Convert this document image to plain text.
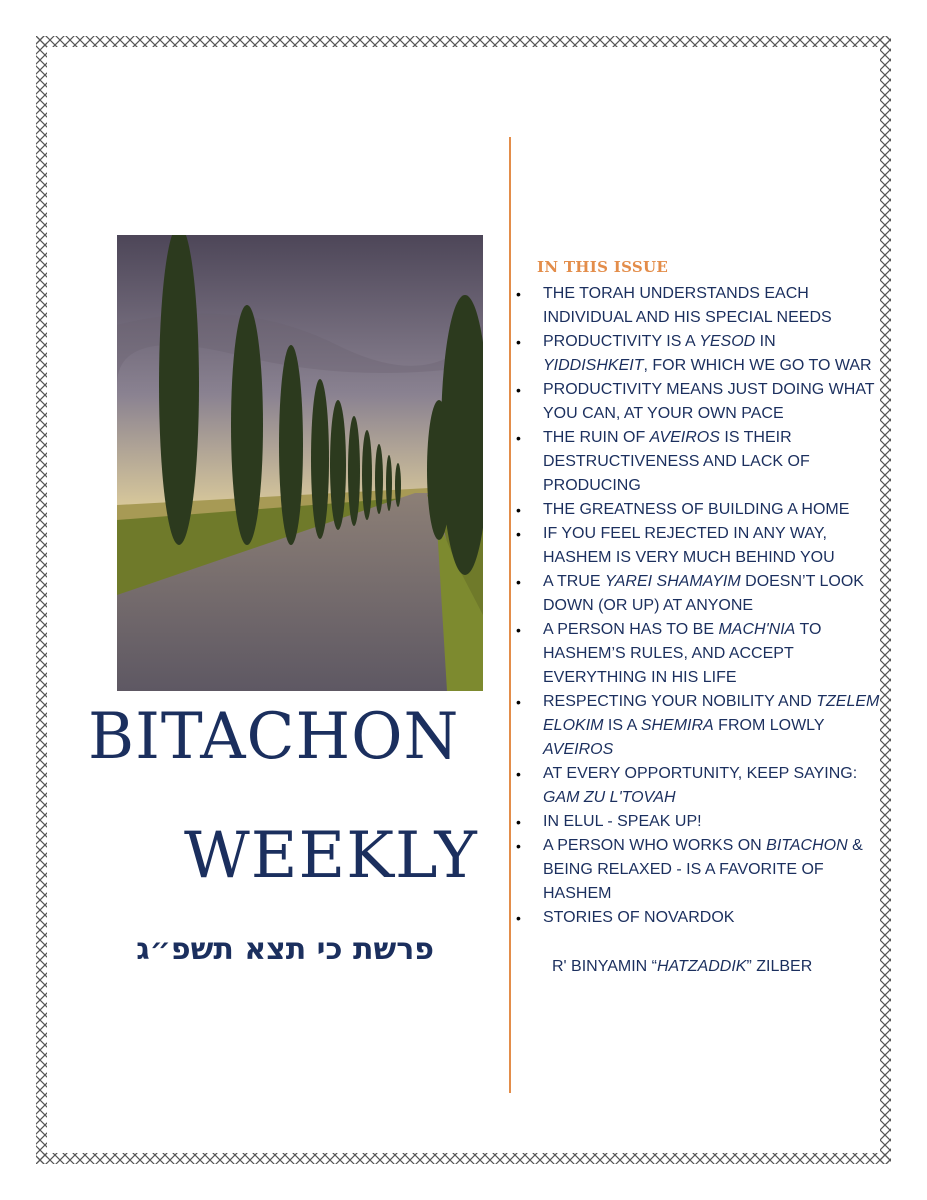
BITACHON
WEEKLY
פרשת כי תצא תשפ״ג
IN THIS ISSUE
• THE TORAH UNDERSTANDS EACH INDIVIDUAL AND HIS SPECIAL NEEDS
• PRODUCTIVITY IS A YESOD IN YIDDISHKEIT, FOR WHICH WE GO TO WAR
• PRODUCTIVITY MEANS JUST DOING WHAT YOU CAN, AT YOUR OWN PACE
• THE RUIN OF AVEIROS IS THEIR DESTRUCTIVENESS AND LACK OF PRODUCING
• THE GREATNESS OF BUILDING A HOME
• IF YOU FEEL REJECTED IN ANY WAY, HASHEM IS VERY MUCH BEHIND YOU
• A TRUE YAREI SHAMAYIM DOESN’T LOOK DOWN (OR UP) AT ANYONE
• A PERSON HAS TO BE MACH'NIA TO HASHEM’S RULES, AND ACCEPT EVERYTHING IN HIS LIFE
• RESPECTING YOUR NOBILITY AND TZELEM ELOKIM IS A SHEMIRA FROM LOWLY AVEIROS
• AT EVERY OPPORTUNITY, KEEP SAYING: GAM ZU L'TOVAH
• IN ELUL - SPEAK UP!
• A PERSON WHO WORKS ON BITACHON & BEING RELAXED - IS A FAVORITE OF HASHEM
• STORIES OF NOVARDOK
R' BINYAMIN “HATZADDIK” ZILBER
